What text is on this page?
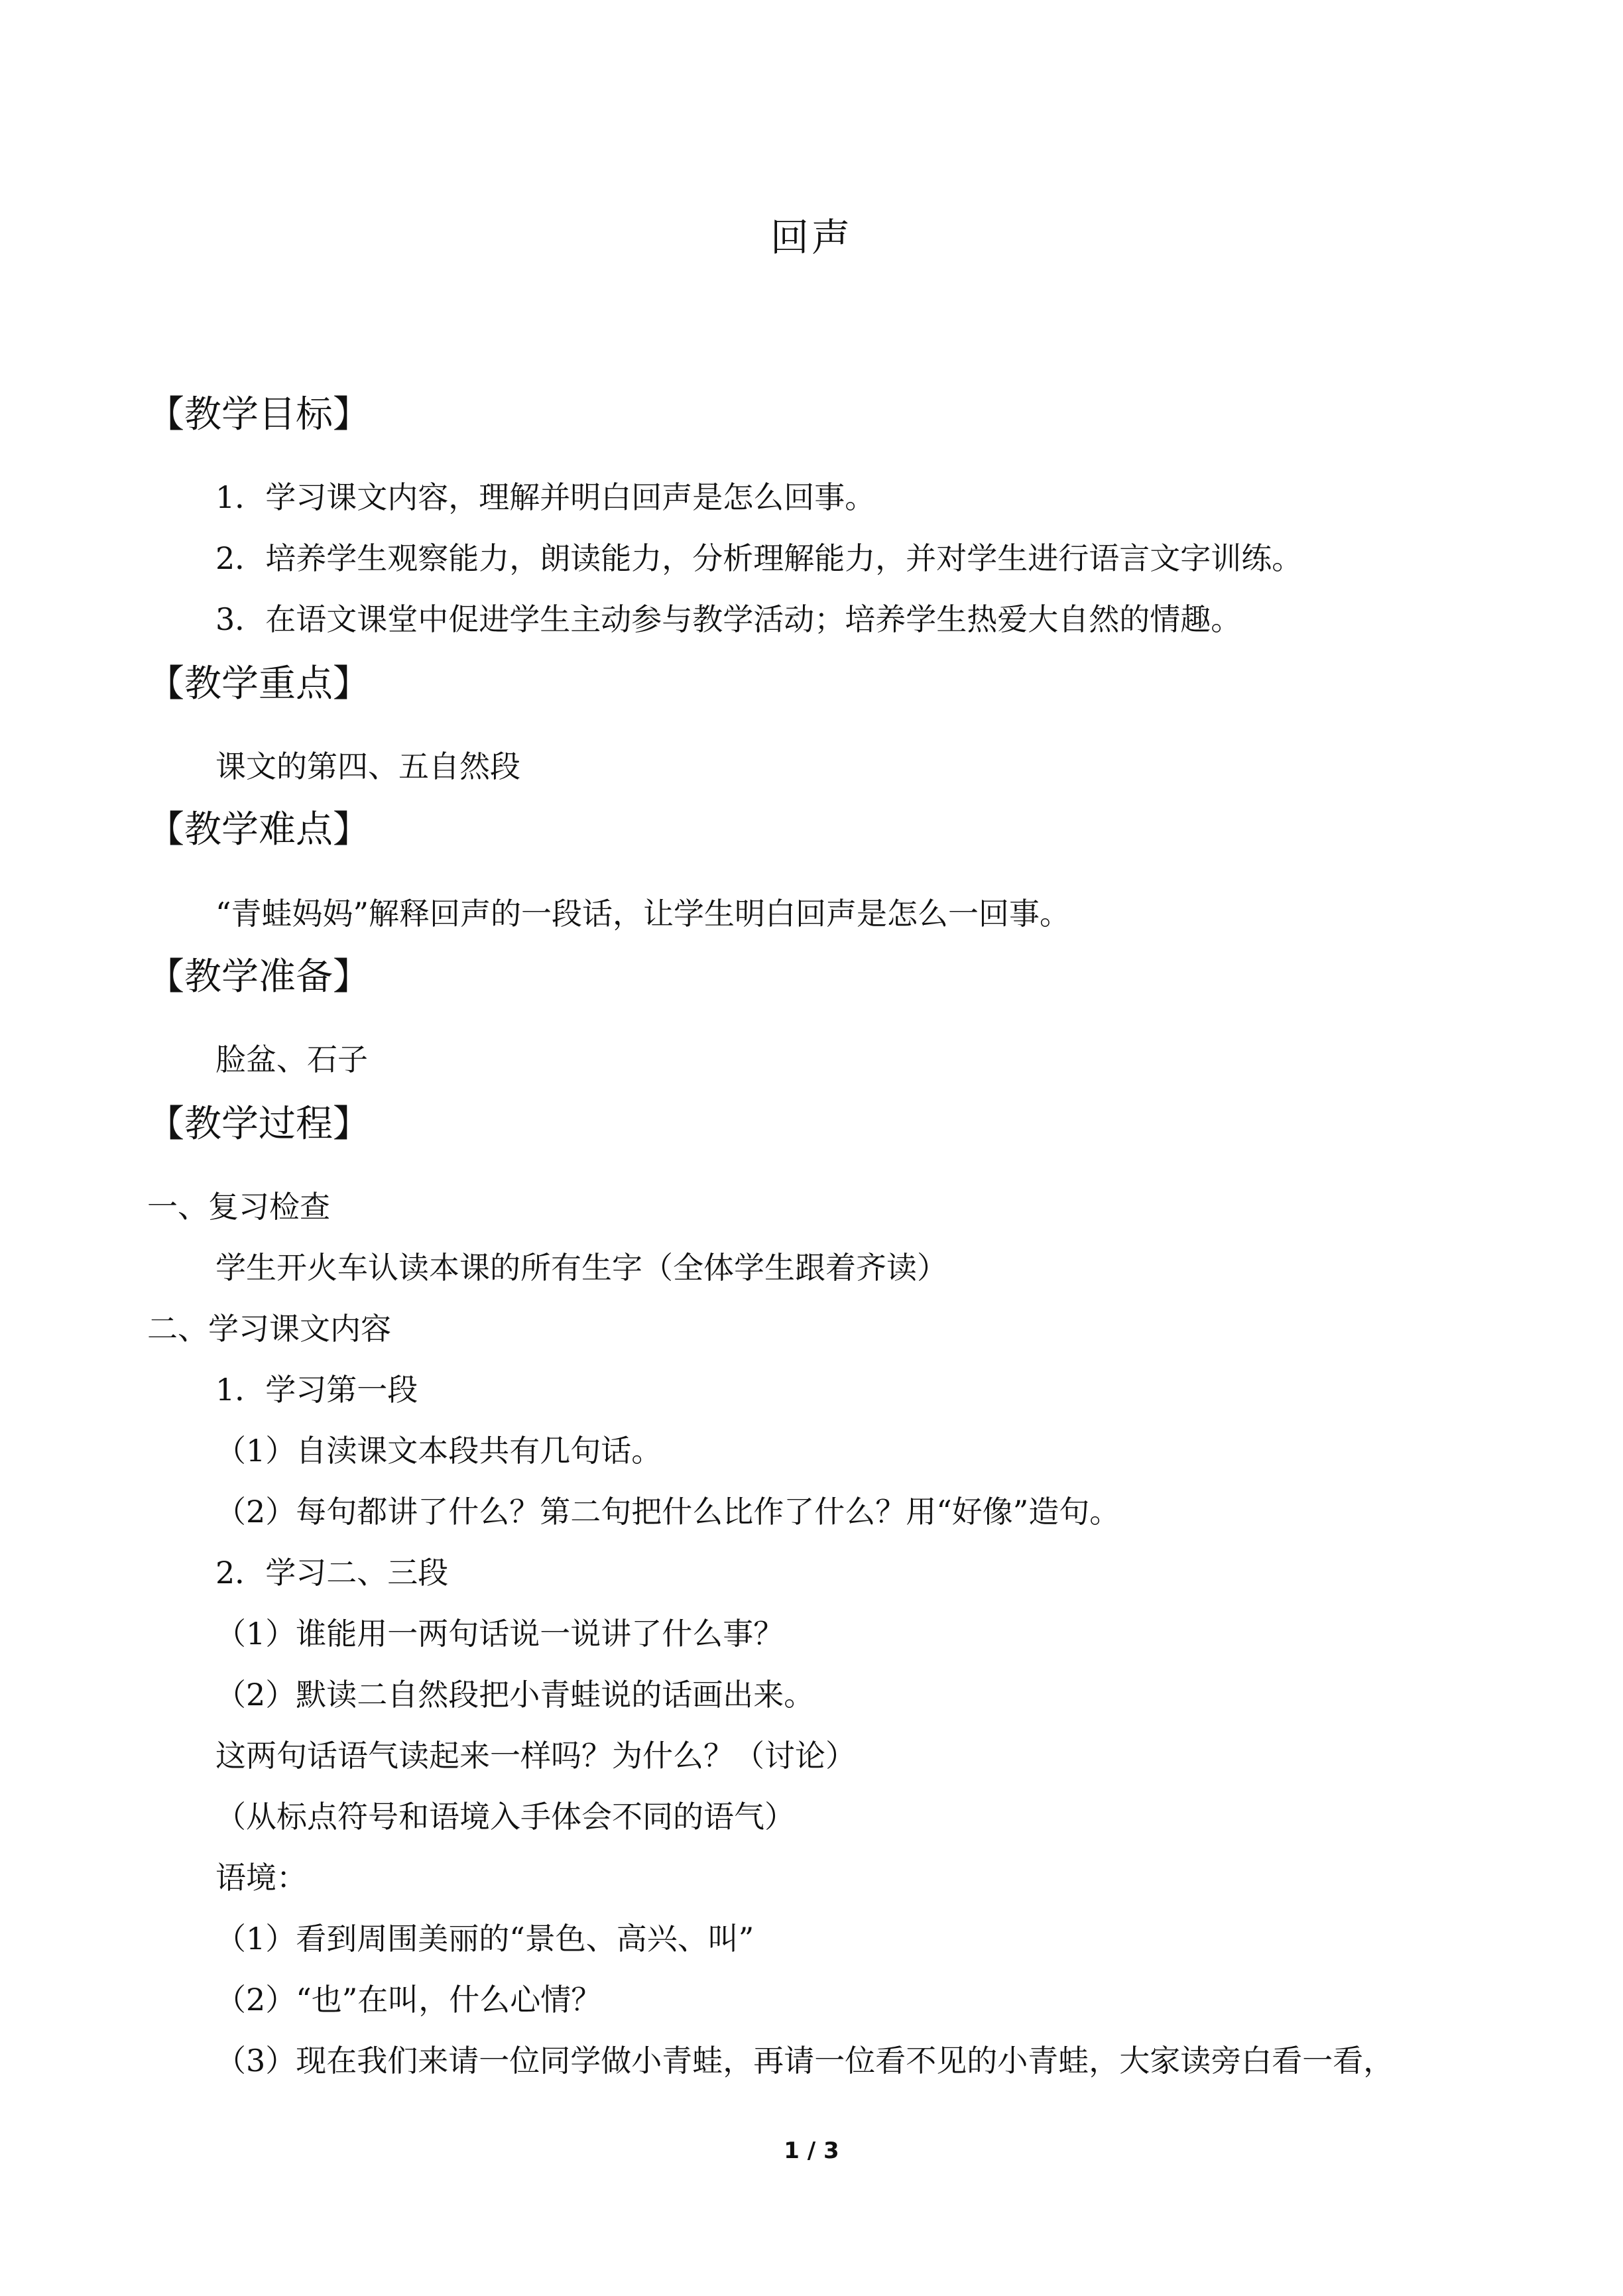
回声
【教学目标】
1．学习课文内容，理解并明白回声是怎么回事。
2．培养学生观察能力，朗读能力，分析理解能力，并对学生进行语言文字训练。
3．在语文课堂中促进学生主动参与教学活动；培养学生热爱大自然的情趣。
【教学重点】
课文的第四、五自然段
【教学难点】
“青蛙妈妈”解释回声的一段话，让学生明白回声是怎么一回事。
【教学准备】
脸盆、石子
【教学过程】
一、复习检查
学生开火车认读本课的所有生字（全体学生跟着齐读）
二、学习课文内容
1．学习第一段
（1）自渎课文本段共有几句话。
（2）每句都讲了什么？第二句把什么比作了什么？用“好像”造句。
2．学习二、三段
（1）谁能用一两句话说一说讲了什么事？
（2）默读二自然段把小青蛙说的话画出来。
这两句话语气读起来一样吗？为什么？（讨论）
（从标点符号和语境入手体会不同的语气）
语境：
（1）看到周围美丽的“景色、高兴、叫”
（2）“也”在叫，什么心情？
（3）现在我们来请一位同学做小青蛙，再请一位看不见的小青蛙，大家读旁白看一看，
1 / 3
